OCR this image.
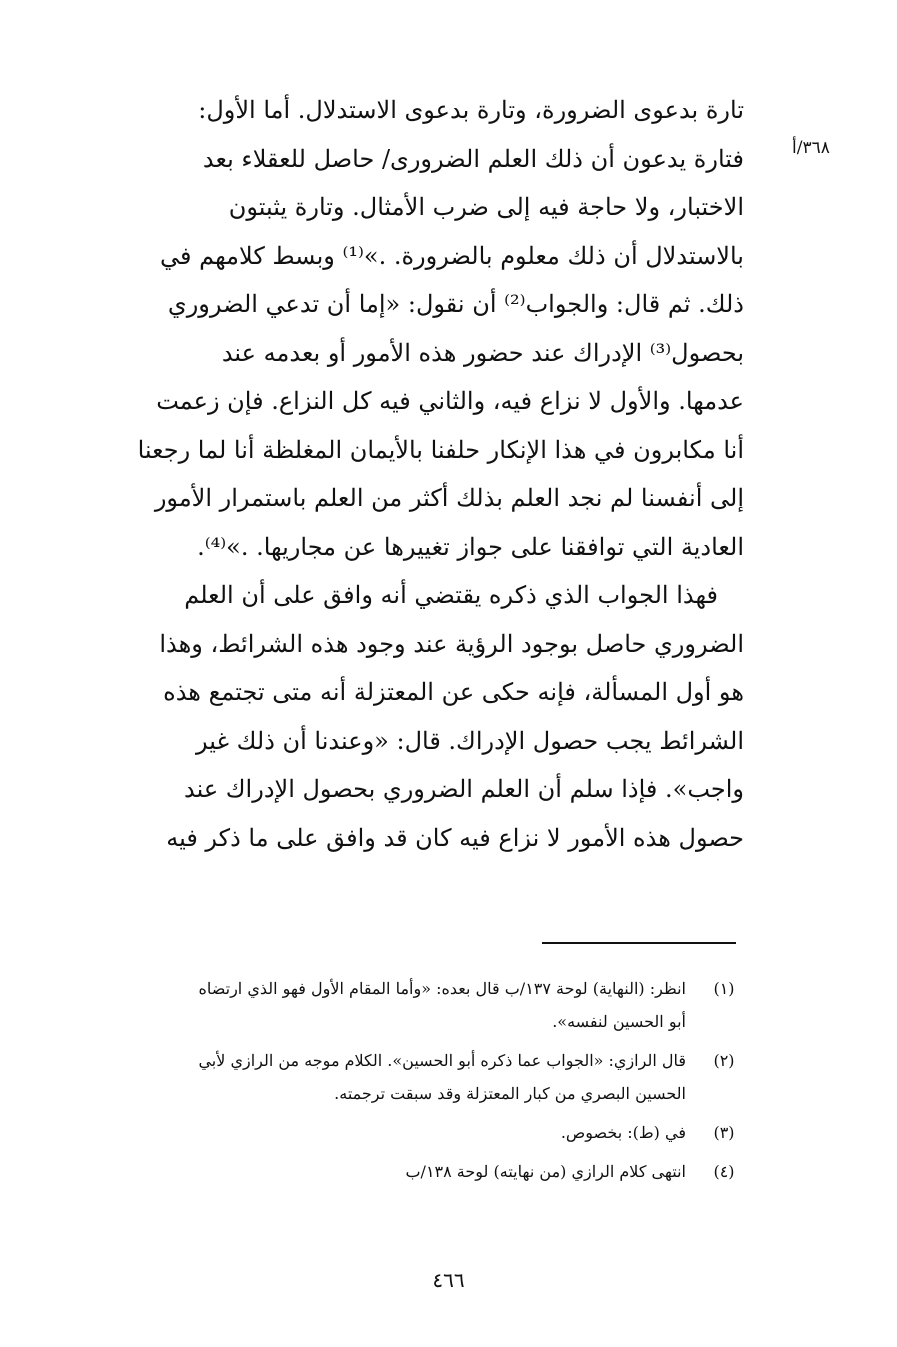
٣٦٨/أ
تارة بدعوى الضرورة، وتارة بدعوى الاستدلال. أما الأول:
فتارة يدعون أن ذلك العلم الضرورى/ حاصل للعقلاء بعد
الاختبار، ولا حاجة فيه إلى ضرب الأمثال. وتارة يثبتون
بالاستدلال أن ذلك معلوم بالضرورة. .»⁽¹⁾ وبسط كلامهم في
ذلك. ثم قال: والجواب⁽²⁾ أن نقول: «إما أن تدعي الضروري
بحصول⁽³⁾ الإدراك عند حضور هذه الأمور أو بعدمه عند
عدمها. والأول لا نزاع فيه، والثاني فيه كل النزاع. فإن زعمت
أنا مكابرون في هذا الإنكار حلفنا بالأيمان المغلظة أنا لما رجعنا
إلى أنفسنا لم نجد العلم بذلك أكثر من العلم باستمرار الأمور
العادية التي توافقنا على جواز تغييرها عن مجاريها. .»⁽⁴⁾.
فهذا الجواب الذي ذكره يقتضي أنه وافق على أن العلم
الضروري حاصل بوجود الرؤية عند وجود هذه الشرائط، وهذا
هو أول المسألة، فإنه حكى عن المعتزلة أنه متى تجتمع هذه
الشرائط يجب حصول الإدراك. قال: «وعندنا أن ذلك غير
واجب». فإذا سلم أن العلم الضروري بحصول الإدراك عند
حصول هذه الأمور لا نزاع فيه كان قد وافق على ما ذكر فيه
(١)
انظر: (النهاية) لوحة ١٣٧/ب قال بعده: «وأما المقام الأول فهو الذي ارتضاه
أبو الحسين لنفسه».
(٢)
قال الرازي: «الجواب عما ذكره أبو الحسين». الكلام موجه من الرازي لأبي
الحسين البصري من كبار المعتزلة وقد سبقت ترجمته.
(٣)
في (ط): بخصوص.
(٤)
انتهى كلام الرازي (من نهايته) لوحة ١٣٨/ب
٤٦٦
